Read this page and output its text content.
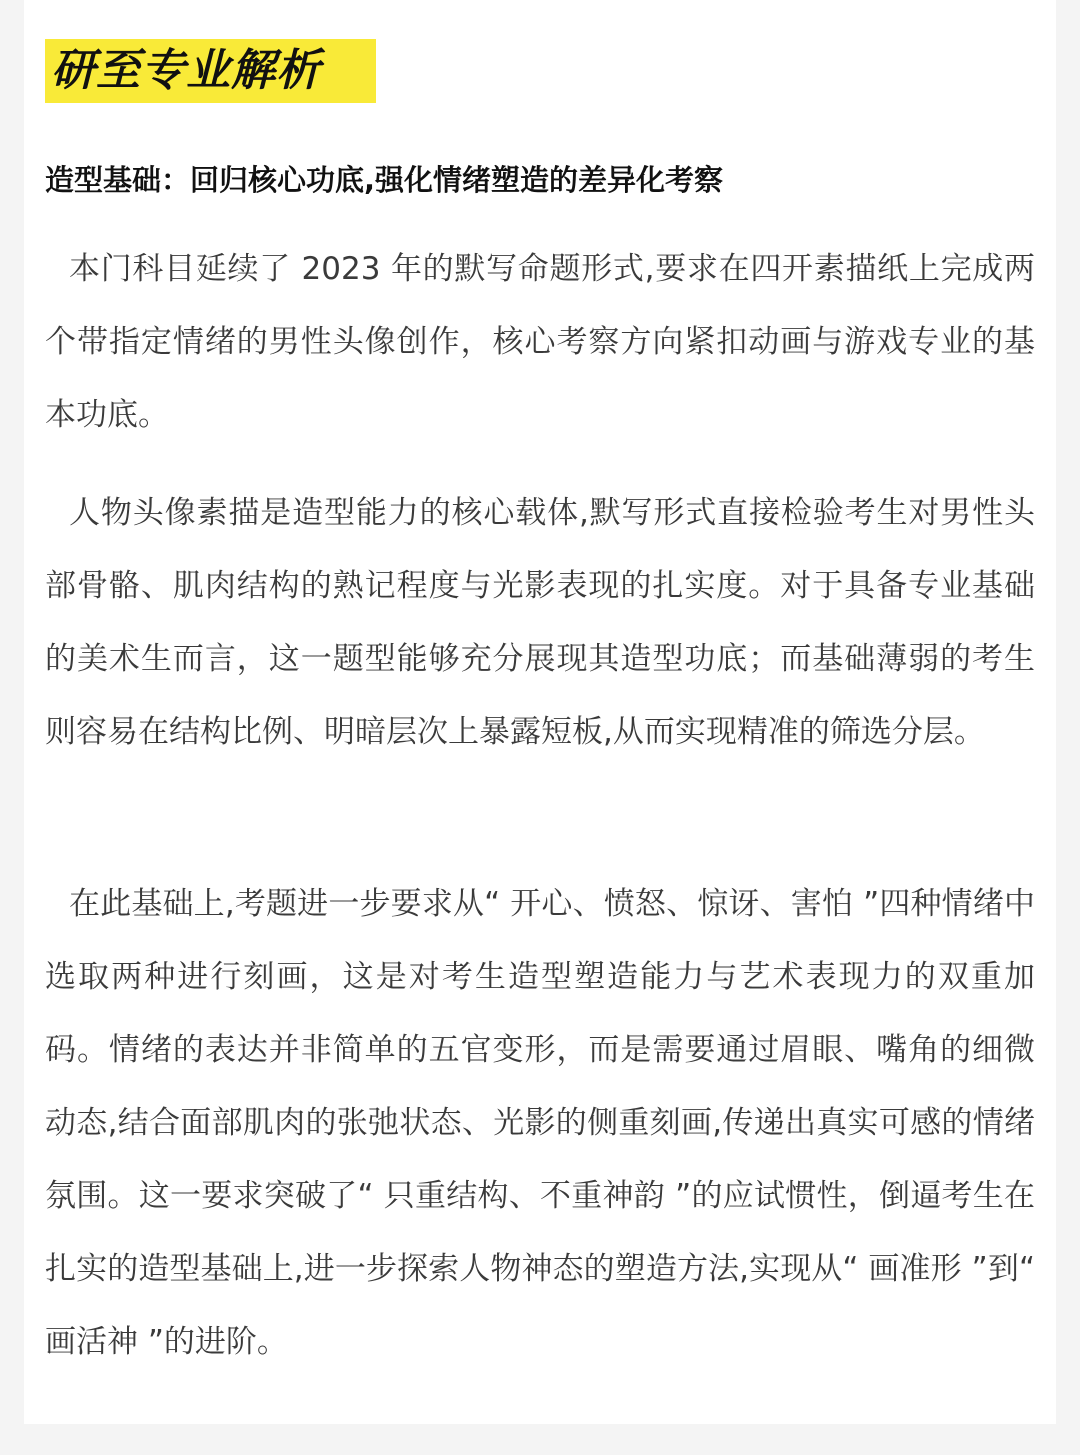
研至专业解析
造型基础：回归核心功底,强化情绪塑造的差异化考察

本门科目延续了 2023 年的默写命题形式,要求在四开素描纸上完成两个带指定情绪的男性头像创作，核心考察方向紧扣动画与游戏专业的基本功底。

人物头像素描是造型能力的核心载体,默写形式直接检验考生对男性头部骨骼、肌肉结构的熟记程度与光影表现的扎实度。对于具备专业基础的美术生而言，这一题型能够充分展现其造型功底；而基础薄弱的考生则容易在结构比例、明暗层次上暴露短板,从而实现精准的筛选分层。

在此基础上,考题进一步要求从“ 开心、愤怒、惊讶、害怕 ”四种情绪中选取两种进行刻画，这是对考生造型塑造能力与艺术表现力的双重加码。情绪的表达并非简单的五官变形，而是需要通过眉眼、嘴角的细微动态,结合面部肌肉的张弛状态、光影的侧重刻画,传递出真实可感的情绪氛围。这一要求突破了“ 只重结构、不重神韵 ”的应试惯性，倒逼考生在扎实的造型基础上,进一步探索人物神态的塑造方法,实现从“ 画准形 ”到“ 画活神 ”的进阶。
